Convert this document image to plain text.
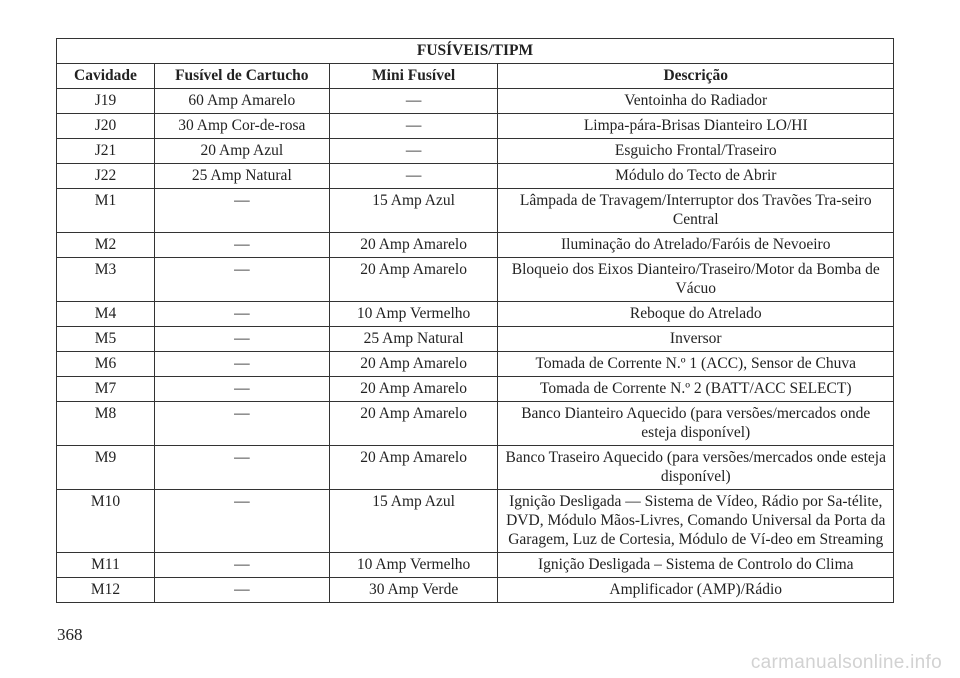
FUSÍVEIS/TIPM			
Cavidade	Fusível de Cartucho	Mini Fusível	Descrição
J19	60 Amp Amarelo	—	Ventoinha do Radiador
J20	30 Amp Cor-de-rosa	—	Limpa-pára-Brisas Dianteiro LO/HI
J21	20 Amp Azul	—	Esguicho Frontal/Traseiro
J22	25 Amp Natural	—	Módulo do Tecto de Abrir
M1	—	15 Amp Azul	Lâmpada de Travagem/Interruptor dos Travões Tra-seiro Central
M2	—	20 Amp Amarelo	Iluminação do Atrelado/Faróis de Nevoeiro
M3	—	20 Amp Amarelo	Bloqueio dos Eixos Dianteiro/Traseiro/Motor da Bomba de Vácuo
M4	—	10 Amp Vermelho	Reboque do Atrelado
M5	—	25 Amp Natural	Inversor
M6	—	20 Amp Amarelo	Tomada de Corrente N.º 1 (ACC), Sensor de Chuva
M7	—	20 Amp Amarelo	Tomada de Corrente N.º 2 (BATT/ACC SELECT)
M8	—	20 Amp Amarelo	Banco Dianteiro Aquecido (para versões/mercados onde esteja disponível)
M9	—	20 Amp Amarelo	Banco Traseiro Aquecido (para versões/mercados onde esteja disponível)
M10	—	15 Amp Azul	Ignição Desligada — Sistema de Vídeo, Rádio por Sa-télite, DVD, Módulo Mãos-Livres, Comando Universal da Porta da Garagem, Luz de Cortesia, Módulo de Ví-deo em Streaming
M11	—	10 Amp Vermelho	Ignição Desligada – Sistema de Controlo do Clima
M12	—	30 Amp Verde	Amplificador (AMP)/Rádio
368
carmanualsonline.info
